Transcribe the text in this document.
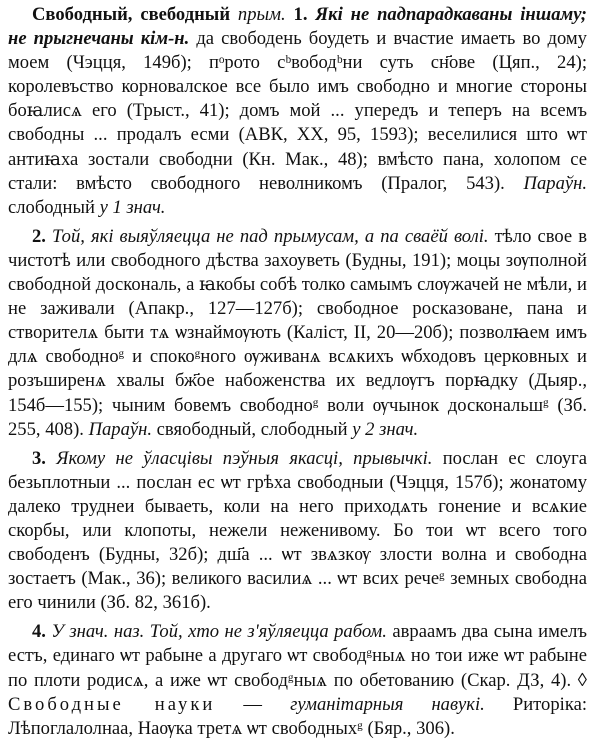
Свободный, свебодный прым. 1. Які не падпарадкаваны іншаму; не прыгнечаны кім-н. да свободень боудеть и вчастие имаеть во дому моем (Чэцця, 149б); пᵒрото сᵇвободᵇни суть сн҃ове (Цяп., 24); королевъство корновалское все было имъ свободно и многие стороны боꙗлисѧ его (Трыст., 41); домъ мой ... упередъ и теперъ на всемъ свободны ... продалъ есми (АВК, XX, 95, 1593); веселилися што ѡт антиꙗха зостали свободни (Кн. Мак., 48); вмѣсто пана, холопом се стали: вмѣсто свободного неволникомъ (Пралог, 543). Параўн. слободный у 1 знач.

2. Той, які выяўляецца не пад прымусам, а па сваёй волі. тѣло свое в чистотѣ или свободного дѣства захоуветь (Будны, 191); моцы зѹполной свободной доскональ, а ꙗкобы собѣ толко самымъ слѹжачей не мѣли, и не заживали (Апакр., 127—127б); свободное росказоване, пана и створителѧ быти тѧ ѡзнаймѹють (Каліст, II, 20—20б); позволꙗем имъ длѧ свободноᵍ и спокоᵍного ѹживанѧ всѧкихъ ѡбходовъ церковных и розъширенѧ хвалы бж҃ое набоженства их ведлѹгъ порꙗдку (Дыяр., 154б—155); чыним бовемъ свободноᵍ воли ѹчынок доскональшᵍ (Зб. 255, 408). Параўн. свяободный, слободный у 2 знач.

3. Якому не ўласцівы пэўныя якасці, прывычкі. послан ес слоуга безьплотныи ... послан ес ѡт грѣха свободныи (Чэцця, 157б); жонатому далеко труднеи бываеть, коли на него приходѧть гонение и всѧкие скорбы, или клопоты, нежели неженивому. Бо тои ѡт всего того свободенъ (Будны, 32б); дш҃а ... ѡт звѧзкѹ злости волна и свободна зостаетъ (Мак., 36); великого василиѧ ... ѡт всих речеᵍ земных свободна его чинили (Зб. 82, 361б).

4. У знач. наз. Той, хто не з'яўляецца рабом. авраамъ два сына имелъ естъ, единаго ѡт рабыне а другаго ѡт свободᵍныѧ но тои иже ѡт рабыне по плоти родисѧ, а иже ѡт свободᵍныѧ по обетованию (Скар. ДЗ, 4). ◊ Свободные науки — гуманітарныя навукі. Риторіка: Лѣпоглалолнаа, Наѹка третѧ ѡт свободныхᵍ (Бяр., 306).
